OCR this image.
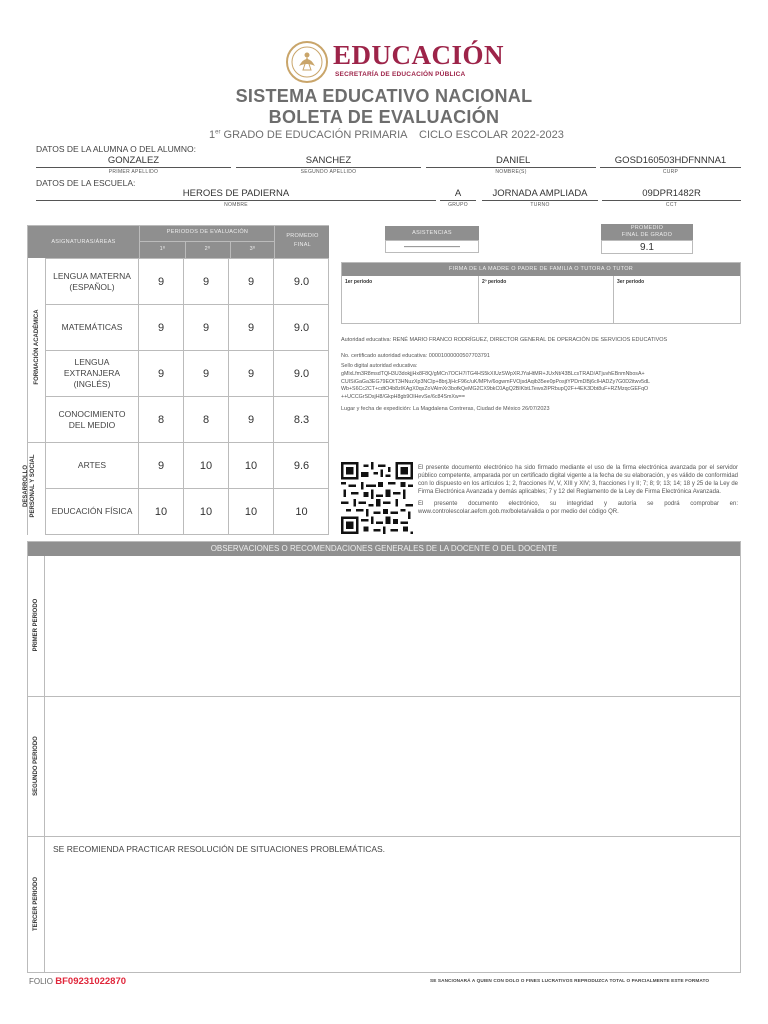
EDUCACIÓN
SECRETARÍA DE EDUCACIÓN PÚBLICA
SISTEMA EDUCATIVO NACIONAL
BOLETA DE EVALUACIÓN
1er GRADO DE EDUCACIÓN PRIMARIA CICLO ESCOLAR 2022-2023
DATOS DE LA ALUMNA O DEL ALUMNO:
GONZALEZ
PRIMER APELLIDO
SANCHEZ
SEGUNDO APELLIDO
DANIEL
NOMBRE(S)
GOSD160503HDFNNNA1
CURP
DATOS DE LA ESCUELA:
HEROES DE PADIERNA
NOMBRE
A
GRUPO
JORNADA AMPLIADA
TURNO
09DPR1482R
CCT
ASIGNATURAS/ÁREAS
PERIODOS DE EVALUACIÓN
1º	2º	3º
PROMEDIO
FINAL
FORMACIÓN ACADÉMICA
DESARROLLO PERSONAL Y SOCIAL
LENGUA MATERNA
(ESPAÑOL)	9	9	9	9.0
MATEMÁTICAS	9	9	9	9.0
LENGUA EXTRANJERA
(INGLÉS)
9	9	9	9.0
CONOCIMIENTO
DEL MEDIO	8	8	9	8.3
ARTES	9	10	10	9.6
EDUCACIÓN FÍSICA	10	10	10	10
ASISTENCIAS
———————
PROMEDIO
FINAL DE GRADO
9.1
FIRMA DE LA MADRE O PADRE DE FAMILIA O TUTORA O TUTOR
1er periodo	2º periodo	3er periodo
Autoridad educativa: RENÉ MARIO FRANCO RODRÍGUEZ, DIRECTOR GENERAL DE OPERACIÓN DE SERVICIOS EDUCATIVOS
No. certificado autoridad educativa: 00001000000507703791
Sello digital autoridad educativa:
gMlxLfm3R8msdTQH3U3dokjjHx8F8Q/gMCn7OCH7iTG4HS5kXIUzSWpXRJYaHtMR+JUxNt/43BLcsTRAD/ATjuvhEBnmNbosA+
CUISiGaGa3EG79EOtT3HNuzXp3NCIp+8brjJjHcF96c/uK/MPIv/6ogwmFVOjsdAqib35ee0pPosjtYPDmDBj6cIHADZy7G0D2itwv5dL
Wb+S6Cc2CT+cdtO4b8zIKAgX0qsZoVAlmXr3bofkQeMG2CX9bkC0AgQ2BIKbtLTews2lPRbupQ2F+4EK3Dbt8uF+RZMzqcGEFqO
++UCCGrSDsjH8/GkpH8gb9OlHevSe/6c84SmXw==
Lugar y fecha de expedición: La Magdalena Contreras, Ciudad de México 26/07/2023
El presente documento electrónico ha sido firmado mediante el uso de la firma electrónica avanzada por el servidor público competente, amparada por un certificado digital vigente a la fecha de su elaboración, y es válido de conformidad con lo dispuesto en los artículos 1; 2, fracciones IV, V, XIII y XIV; 3, fracciones I y II; 7; 8; 9; 13; 14; 18 y 25 de la Ley de Firma Electrónica Avanzada y demás aplicables; 7 y 12 del Reglamento de la Ley de Firma Electrónica Avanzada.
El presente documento electrónico, su integridad y autoría se podrá comprobar en: www.controlescolar.aefcm.gob.mx/boleta/valida o por medio del código QR.
OBSERVACIONES O RECOMENDACIONES GENERALES DE LA DOCENTE O DEL DOCENTE
PRIMER PERIODO
SEGUNDO PERIODO
TERCER PERIODO
SE RECOMIENDA PRACTICAR RESOLUCIÓN DE SITUACIONES PROBLEMÁTICAS.
FOLIO BF09231022870	SE SANCIONARÁ A QUIEN CON DOLO O FINES LUCRATIVOS REPRODUZCA TOTAL O PARCIALMENTE ESTE FORMATO
